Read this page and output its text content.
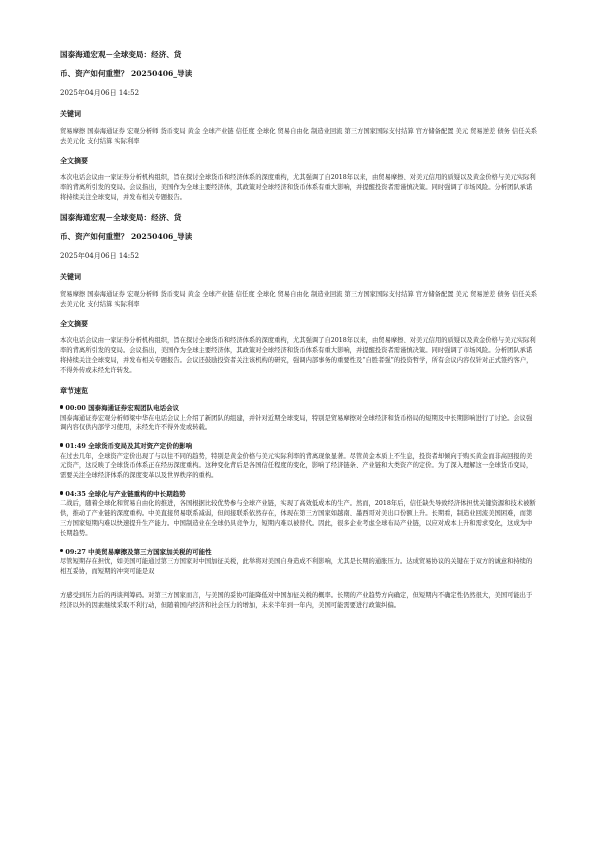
国泰海通宏观－全球变局：经济、货
币、资产如何重塑？ 20250406_导读
2025年04月06日 14:52
关键词
贸易摩擦 国泰海通证券 宏观分析师 货币变局 黄金 全球产业链 信任度 全球化 贸易自由化 制造业回流 第三方国家国际支付结算 官方储备配置 美元 贸易逆差 债务 信任关系 去美元化 支付结算 实际利率
全文摘要
本次电话会议由一家证券分析机构组织，旨在探讨全球货币和经济体系的深度重构，尤其强调了自2018年以来，由贸易摩擦、对美元信用的质疑以及黄金价格与美元实际利率的背离所引发的变局。会议指出，美国作为全球主要经济体，其政策对全球经济和货币体系有重大影响，并提醒投资者需谨慎决策。同时强调了市场风险。分析团队承诺将持续关注全球变局，并发布相关专题报告。
国泰海通宏观－全球变局：经济、货
币、资产如何重塑？ 20250406_导读
2025年04月06日 14:52
关键词
贸易摩擦 国泰海通证券 宏观分析师 货币变局 黄金 全球产业链 信任度 全球化 贸易自由化 制造业回流 第三方国家国际支付结算 官方储备配置 美元 贸易逆差 债务 信任关系 去美元化 支付结算 实际利率
全文摘要
本次电话会议由一家证券分析机构组织，旨在探讨全球货币和经济体系的深度重构，尤其强调了自2018年以来，由贸易摩擦、对美元信用的质疑以及黄金价格与美元实际利率的背离所引发的变局。会议指出，美国作为全球主要经济体，其政策对全球经济和货币体系有重大影响，并提醒投资者需谨慎决策。同时强调了市场风险。分析团队承诺将持续关注全球变局，并发布相关专题报告。会议还鼓励投资者关注该机构的研究，强调内部事务的重要性及“自胜者强”的投资哲学，所有会议内容仅针对正式签约客户，不得外传或未经允许转发。
章节速览
00:00 国泰海通证券宏观团队电话会议
国泰海通证券宏观分析师梁中华在电话会议上介绍了新团队的组建，并针对近期全球变局，特别是贸易摩擦对全球经济和货币格局的短期及中长期影响进行了讨论。会议强调内容仅供内部学习使用，未经允许不得外发或转载。
01:49 全球货币变局及其对资产定价的影响
在过去几年，全球资产定价出现了与以往不同的趋势，特别是黄金价格与美元实际利率的背离现象显著。尽管黄金本质上不生息，投资者却倾向于购买黄金而非高回报的美元资产，这反映了全球货币体系正在经历深度重构。这种变化背后是各国信任程度的变化，影响了经济链条、产业链和大类资产的定价。为了深入理解这一全球货币变局，需要关注全球经济体系的深度变革以及世界秩序的重构。
04:35 全球化与产业链重构的中长期趋势
二战后，随着全球化和贸易自由化的推进，各国根据比较优势参与全球产业链，实现了高效低成本的生产。然而，2018年后，信任缺失导致经济体担忧关键资源和技术被断供，推动了产业链的深度重构。中美直接贸易联系减弱，但间接联系依然存在，体现在第三方国家如越南、墨西哥对美出口份额上升。长期看，制造业回流美国困难，而第三方国家短期内难以快速提升生产能力。中国制造业在全球仍具竞争力，短期内难以被替代。因此，很多企业考虑全球布局产业链，以应对成本上升和需求变化，这成为中长期趋势。
09:27 中美贸易摩擦及第三方国家加关税的可能性
尽管短期存在担忧，如美国可能通过第三方国家对中国加征关税，此举将对美国自身造成不利影响，尤其是长期的通胀压力。达成贸易协议的关键在于双方的诚意和持续的相互妥协，而短期的冲突可能是双
方感受到压力后的再谈判筹码。对第三方国家而言，与美国的妥协可能降低对中国加征关税的概率。长期的产业趋势方向确定，但短期内不确定性仍然很大，美国可能出于经济以外的因素继续采取不利行动，但随着国内经济和社会压力的增加，未来半年到一年内，美国可能需要进行政策纠偏。
